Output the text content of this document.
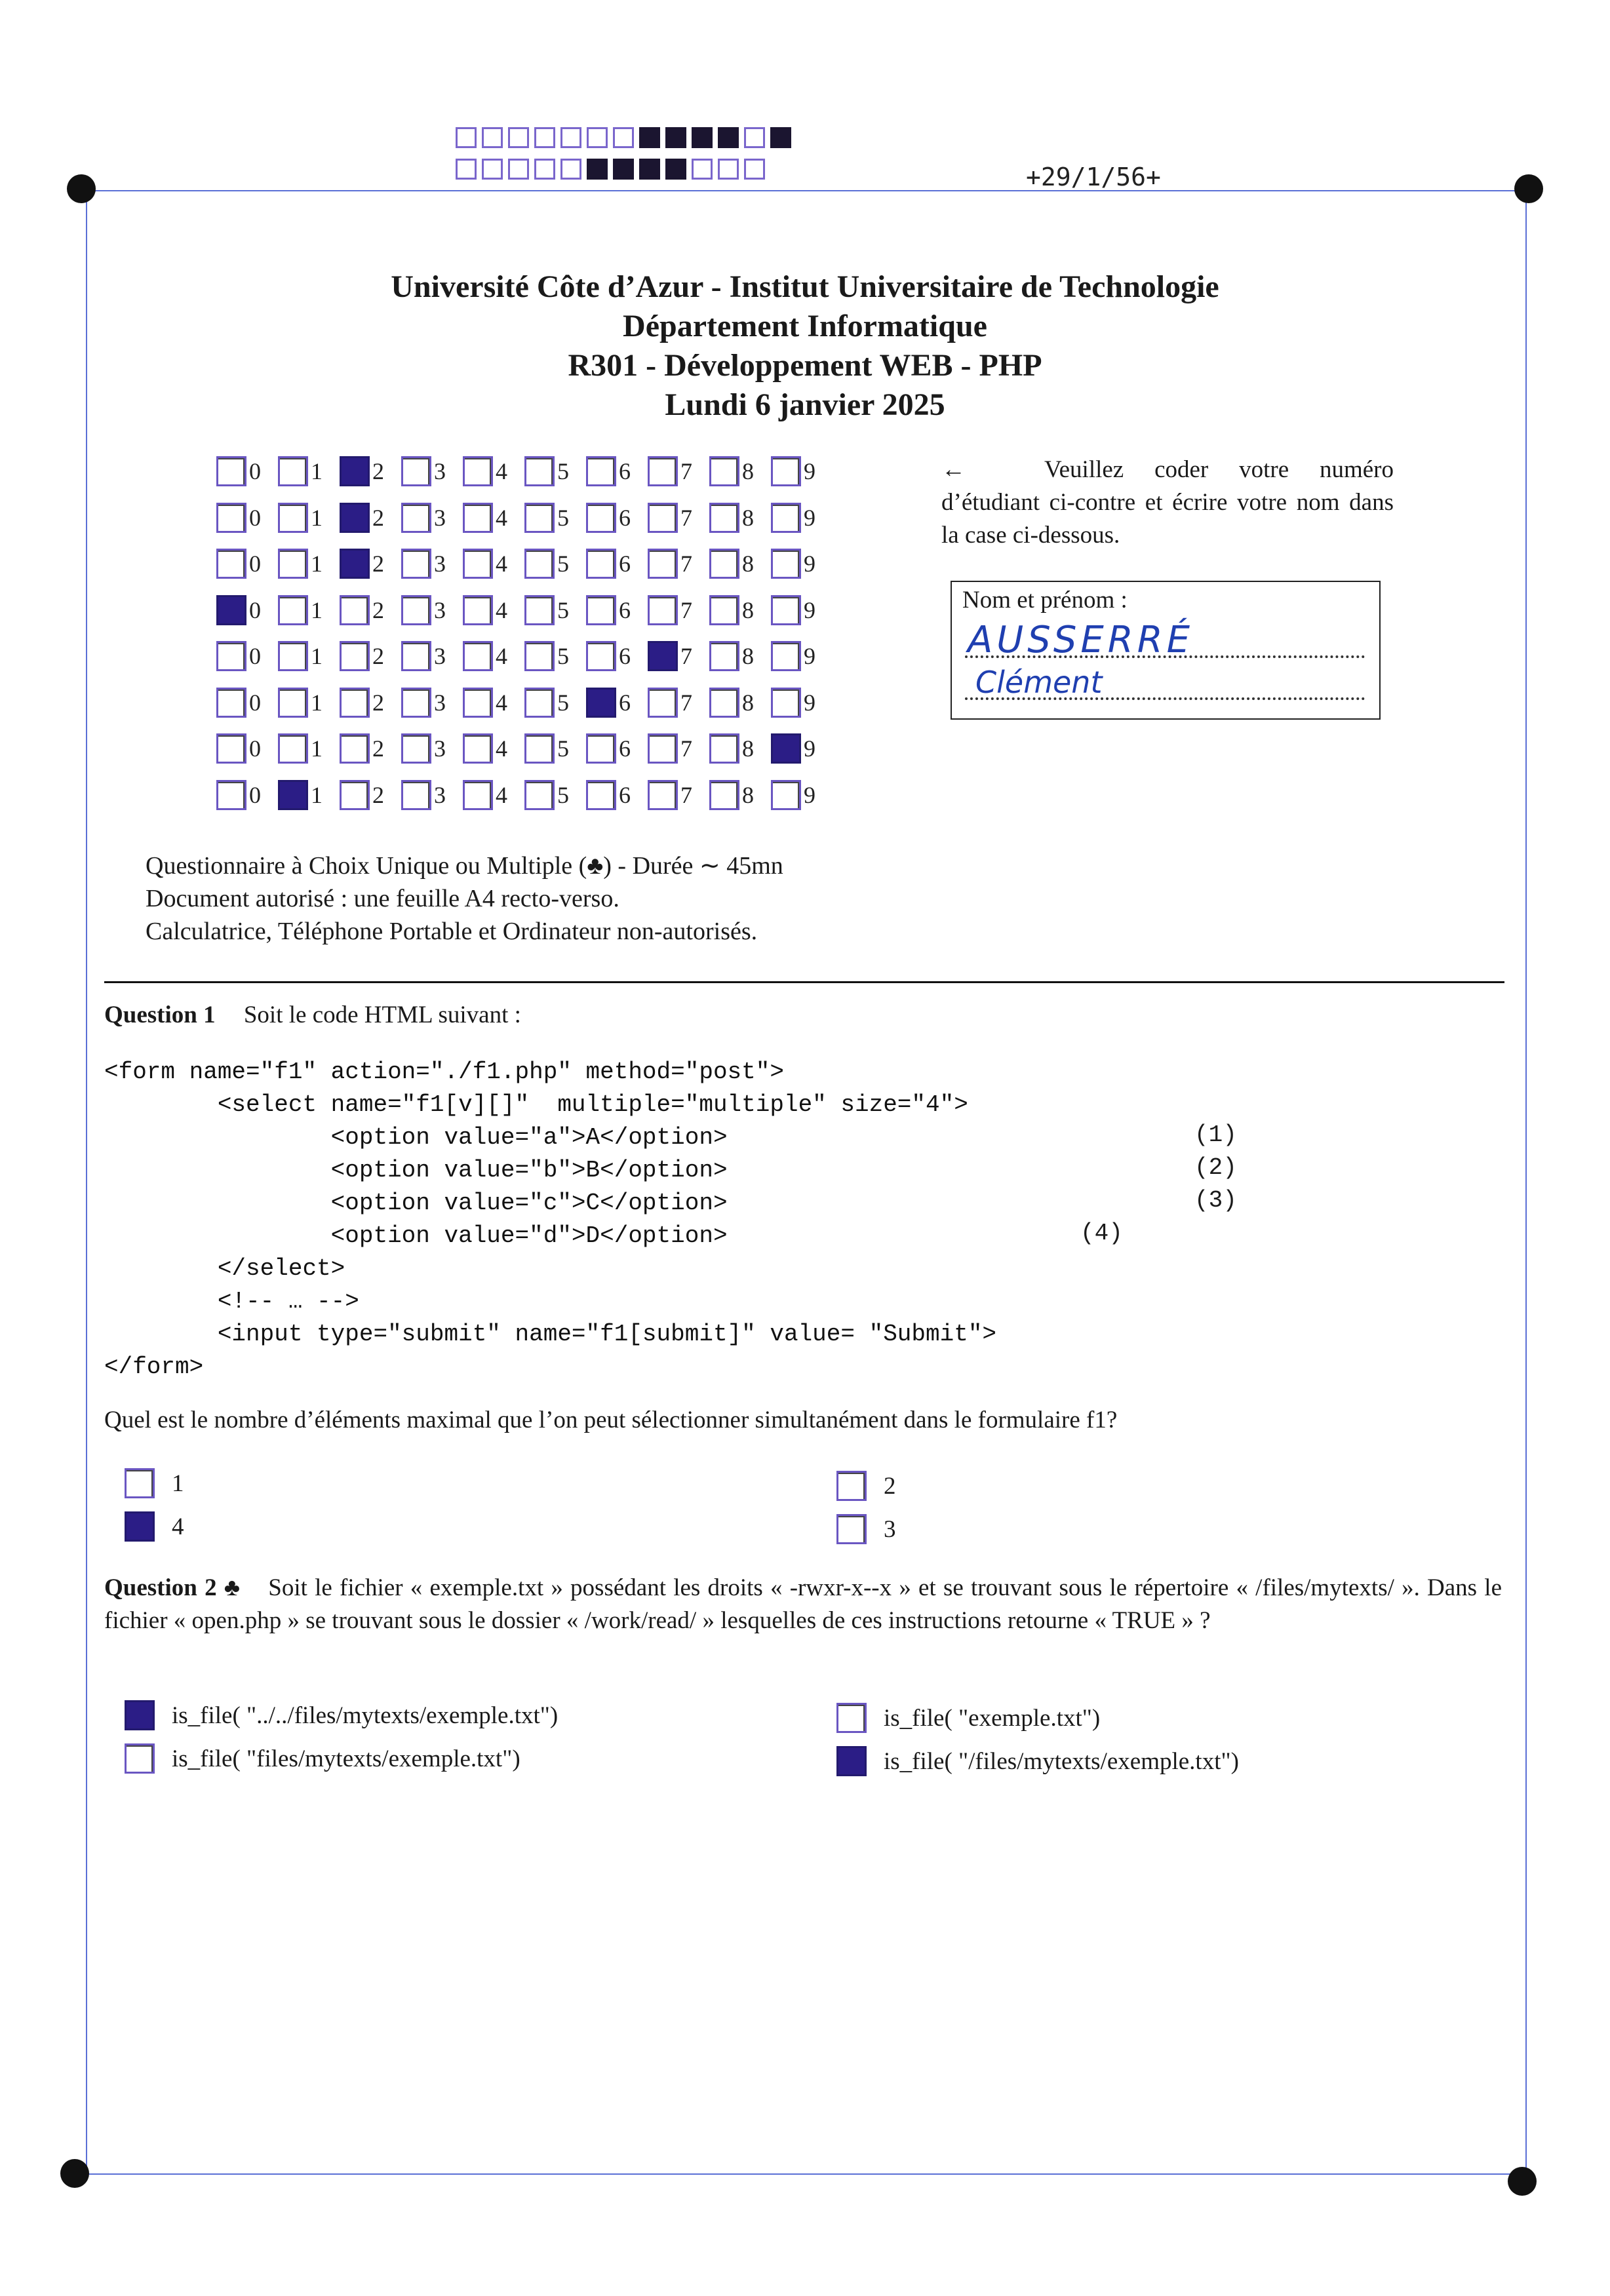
+29/1/56+
Université Côte d’Azur - Institut Universitaire de Technologie
Département Informatique
R301 - Développement WEB - PHP
Lundi 6 janvier 2025
0 1 2 3 4 5 6 7 8 9
0 1 2 3 4 5 6 7 8 9
0 1 2 3 4 5 6 7 8 9
0 1 2 3 4 5 6 7 8 9
0 1 2 3 4 5 6 7 8 9
0 1 2 3 4 5 6 7 8 9
0 1 2 3 4 5 6 7 8 9
0 1 2 3 4 5 6 7 8 9
←	Veuillez coder votre numéro d’étudiant ci-contre et écrire votre nom dans la case ci-dessous.
Nom et prénom :
AUSSERRÉ
Clément
Questionnaire à Choix Unique ou Multiple (♣) - Durée ∼ 45mn
Document autorisé : une feuille A4 recto-verso.
Calculatrice, Téléphone Portable et Ordinateur non-autorisés.
Question 1 Soit le code HTML suivant :
<form name="f1" action="./f1.php" method="post">
<select name="f1[v][]"  multiple="multiple" size="4">
<option value="a">A</option>
<option value="b">B</option>
<option value="c">C</option>
<option value="d">D</option>
</select>
<!-- … -->
<input type="submit" name="f1[submit]" value= "Submit">
</form>
(1)
(2)
(3)
(4)
Quel est le nombre d’éléments maximal que l’on peut sélectionner simultanément dans le formulaire f1?
1	2
4	3
Question 2 ♣ Soit le fichier « exemple.txt » possédant les droits « -rwxr-x--x » et se trouvant sous le répertoire « /files/mytexts/ ». Dans le fichier « open.php » se trouvant sous le dossier « /work/read/ » lesquelles de ces instructions retourne « TRUE » ?
is_file( "../../files/mytexts/exemple.txt")	is_file( "exemple.txt")
is_file( "files/mytexts/exemple.txt")	is_file( "/files/mytexts/exemple.txt")
